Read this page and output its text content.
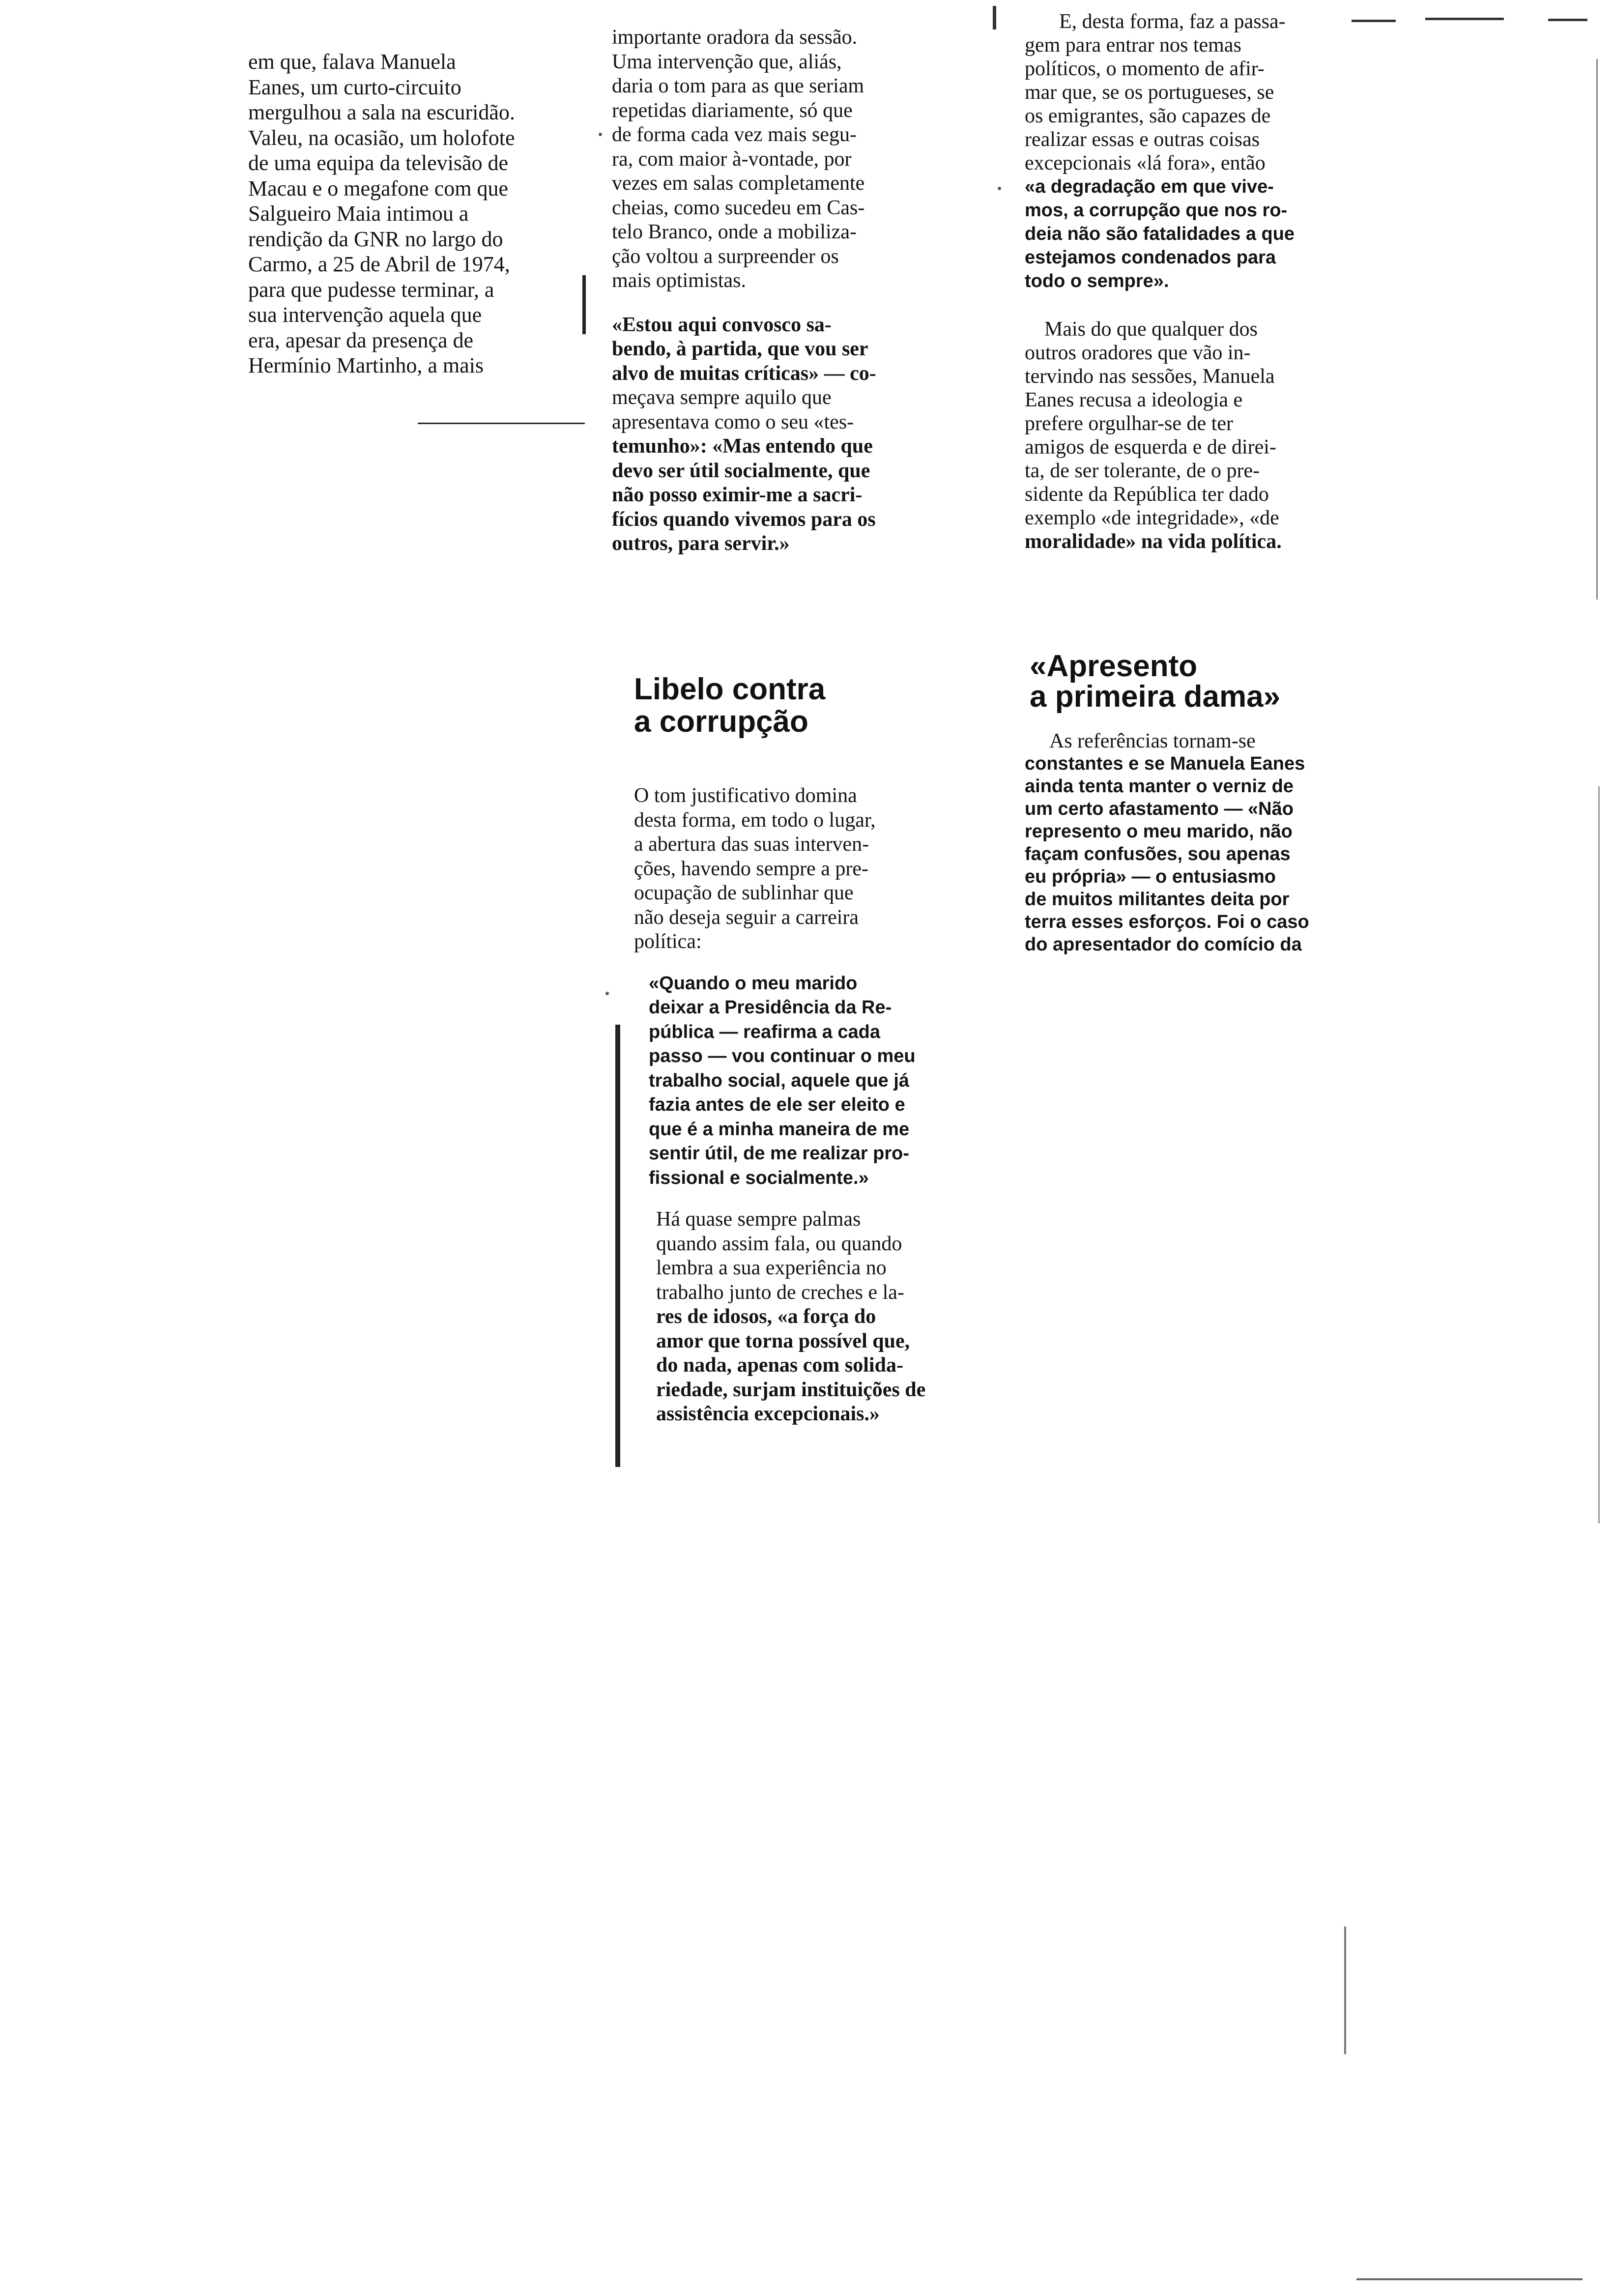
em que, falava Manuela

Eanes, um curto-circuito

mergulhou a sala na escuridão.

Valeu, na ocasião, um holofote

de uma equipa da televisão de

Macau e o megafone com que

Salgueiro Maia intimou a

rendição da GNR no largo do

Carmo, a 25 de Abril de 1974,

para que pudesse terminar, a

sua intervenção aquela que

era, apesar da presença de

Hermínio Martinho, a mais

importante oradora da sessão.

Uma intervenção que, aliás,

daria o tom para as que seriam

repetidas diariamente, só que

de forma cada vez mais segu-

ra, com maior à-vontade, por

vezes em salas completamente

cheias, como sucedeu em Cas-

telo Branco, onde a mobiliza-

ção voltou a surpreender os

mais optimistas.

«Estou aqui convosco sa-

bendo, à partida, que vou ser

alvo de muitas críticas» — co-

meçava sempre aquilo que

apresentava como o seu «tes-

temunho»: «Mas entendo que

devo ser útil socialmente, que

não posso eximir-me a sacri-

fícios quando vivemos para os

outros, para servir.»

Libelo contra
a corrupção

O tom justificativo domina

desta forma, em todo o lugar,

a abertura das suas interven-

ções, havendo sempre a pre-

ocupação de sublinhar que

não deseja seguir a carreira

política:

«Quando o meu marido

deixar a Presidência da Re-

pública — reafirma a cada

passo — vou continuar o meu

trabalho social, aquele que já

fazia antes de ele ser eleito e

que é a minha maneira de me

sentir útil, de me realizar pro-

fissional e socialmente.»

Há quase sempre palmas

quando assim fala, ou quando

lembra a sua experiência no

trabalho junto de creches e la-

res de idosos, «a força do

amor que torna possível que,

do nada, apenas com solida-

riedade, surjam instituições de

assistência excepcionais.»

E, desta forma, faz a passa-

gem para entrar nos temas

políticos, o momento de afir-

mar que, se os portugueses, se

os emigrantes, são capazes de

realizar essas e outras coisas

excepcionais «lá fora», então

«a degradação em que vive-

mos, a corrupção que nos ro-

deia não são fatalidades a que

estejamos condenados para

todo o sempre».

Mais do que qualquer dos

outros oradores que vão in-

tervindo nas sessões, Manuela

Eanes recusa a ideologia e

prefere orgulhar-se de ter

amigos de esquerda e de direi-

ta, de ser tolerante, de o pre-

sidente da República ter dado

exemplo «de integridade», «de

moralidade» na vida política.

«Apresento
a primeira dama»

As referências tornam-se

constantes e se Manuela Eanes

ainda tenta manter o verniz de

um certo afastamento — «Não

represento o meu marido, não

façam confusões, sou apenas

eu própria» — o entusiasmo

de muitos militantes deita por

terra esses esforços. Foi o caso

do apresentador do comício da
